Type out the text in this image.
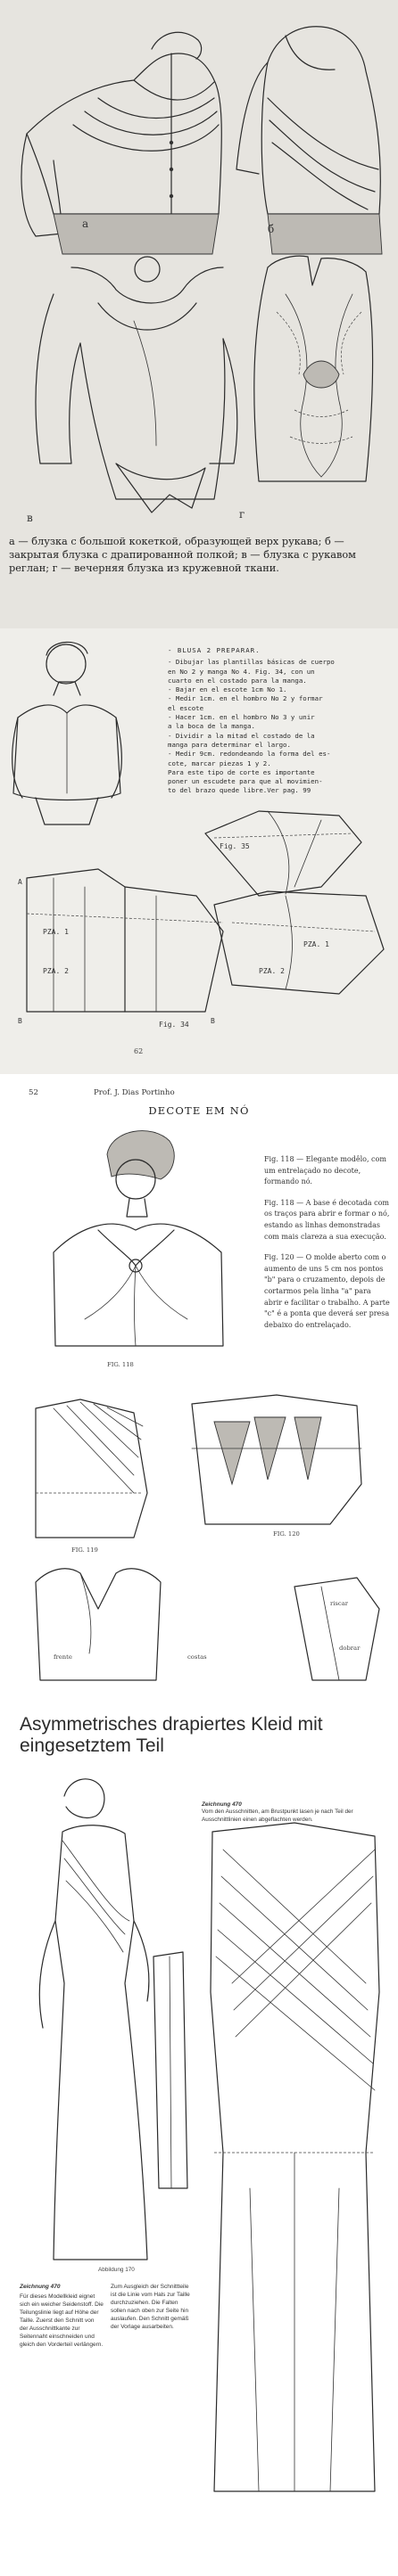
а	б
в	г
а — блузка с большой кокеткой, образующей верх рукава; б — закрытая блузка с драпированной полкой; в — блузка с рукавом реглан; г — вечерняя блузка из кружевной ткани.
- BLUSA 2 PREPARAR.
- Dibujar las plantillas básicas de cuerpo
en No 2 y manga No 4. Fig. 34, con un
cuarto en el costado para la manga.
- Bajar en el escote 1cm No 1.
- Medir 1cm. en el hombro No 2 y formar
el escote
- Hacer 1cm. en el hombro No 3 y unir
a la boca de la manga.
- Dividir a la mitad el costado de la
manga para determinar el largo.
- Medir 9cm. redondeando la forma del es-
cote, marcar piezas 1 y 2.
Para este tipo de corte es importante
poner un escudete para que al movimien-
to del brazo quede libre.Ver pag. 99
Fig. 35
Fig. 34
PZA. 1
PZA. 2
PZA. 1
PZA. 2
A
B	B
62
52	Prof. J. Dias Portinho
DECOTE EM NÓ

Fig. 118 — Elegante modêlo, com um entrelaçado no decote, formando nó.

Fig. 118 — A base é decotada com os traços para abrir e formar o nó, estando as linhas demonstradas com mais clareza a sua execução.

Fig. 120 — O molde aberto com o aumento de uns 5 cm nos pontos "b" para o cruzamento, depois de cortarmos pela linha "a" para abrir e facilitar o trabalho. A parte "c" é a ponta que deverá ser presa debaixo do entrelaçado.

FIG. 118
FIG. 119
FIG. 120
riscar
dobrar
frente	costas
Asymmetrisches drapiertes Kleid mit eingesetztem Teil
Zeichnung 470
Vom den Ausschnitten, am Brustpunkt lasen je nach Teil der Ausschnittlinien einen abgeflachten werden.
Abbildung 170
Zeichnung 470
Für dieses Modellkleid eignet sich ein weicher Seidenstoff. Die Teilungslinie liegt auf Höhe der Taille. Zuerst den Schnitt von der Ausschnittkante zur Seitennaht einschneiden und gleich den Vorderteil verlängern.
Zum Ausgleich der Schnittteile ist die Linie vom Hals zur Taille durchzuziehen. Die Falten sollen nach oben zur Seite hin auslaufen. Den Schnitt gemäß der Vorlage ausarbeiten.
